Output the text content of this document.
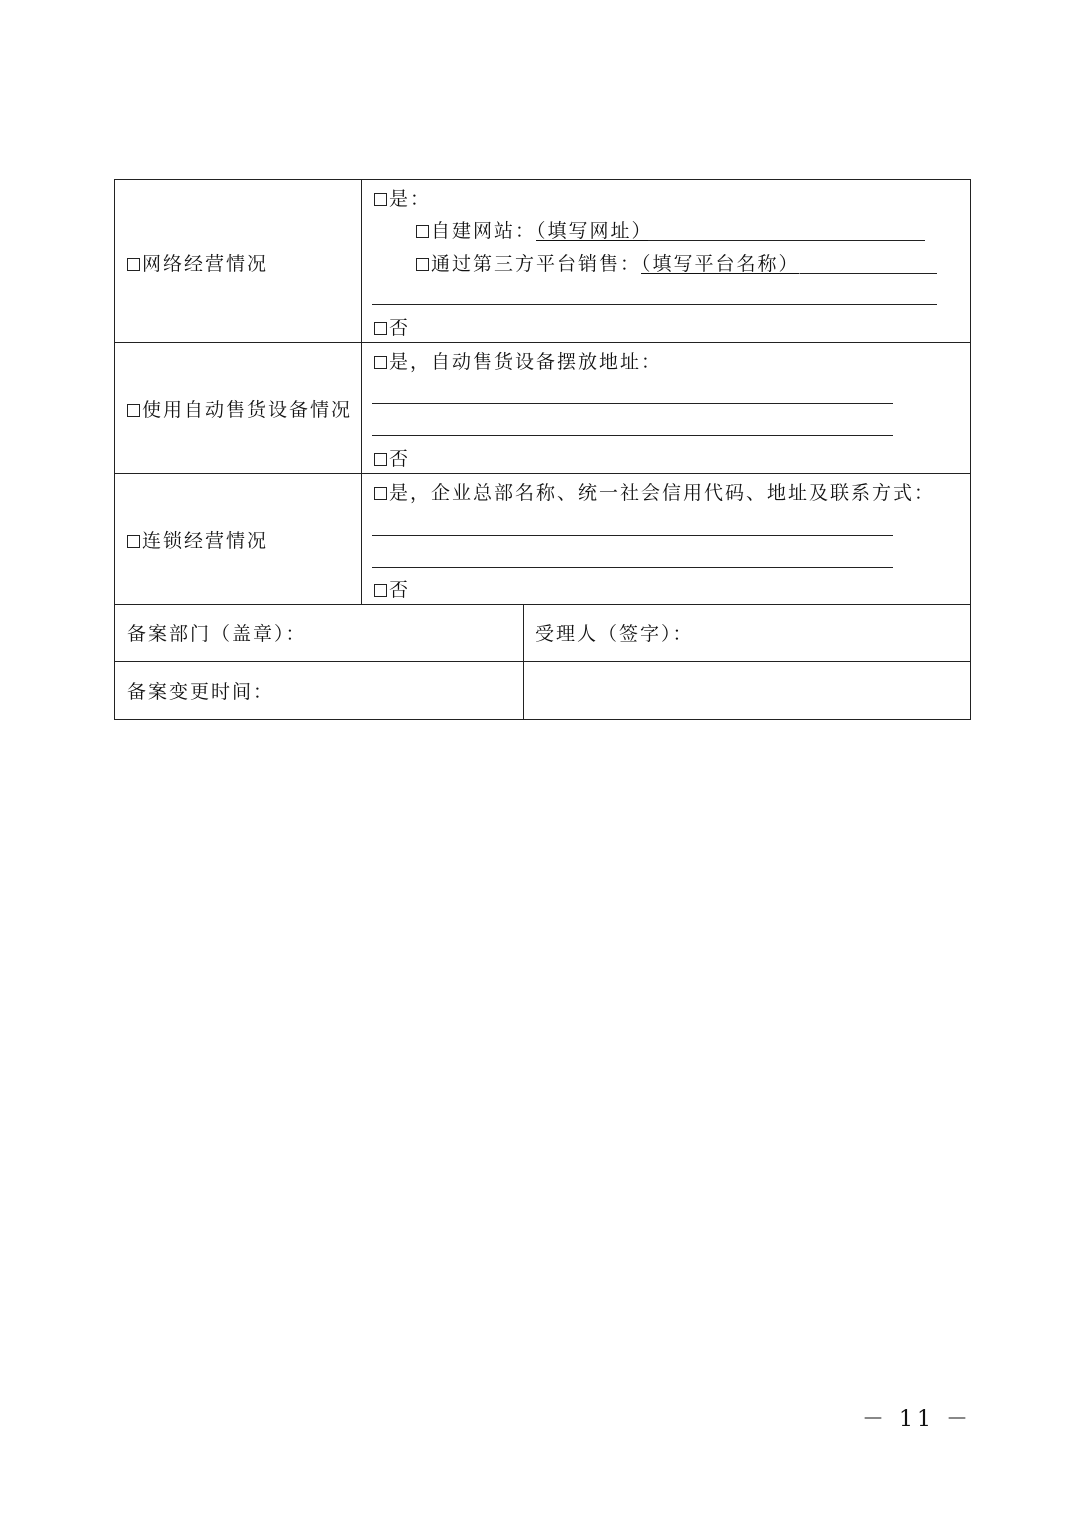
网络经营情况
是：
自建网站：（填写网址）
通过第三方平台销售：（填写平台名称）
否
使用自动售货设备情况
是，自动售货设备摆放地址：
否
连锁经营情况
是，企业总部名称、统一社会信用代码、地址及联系方式：
否
备案部门（盖章）：	受理人（签字）：
备案变更时间：
－ 11 －
